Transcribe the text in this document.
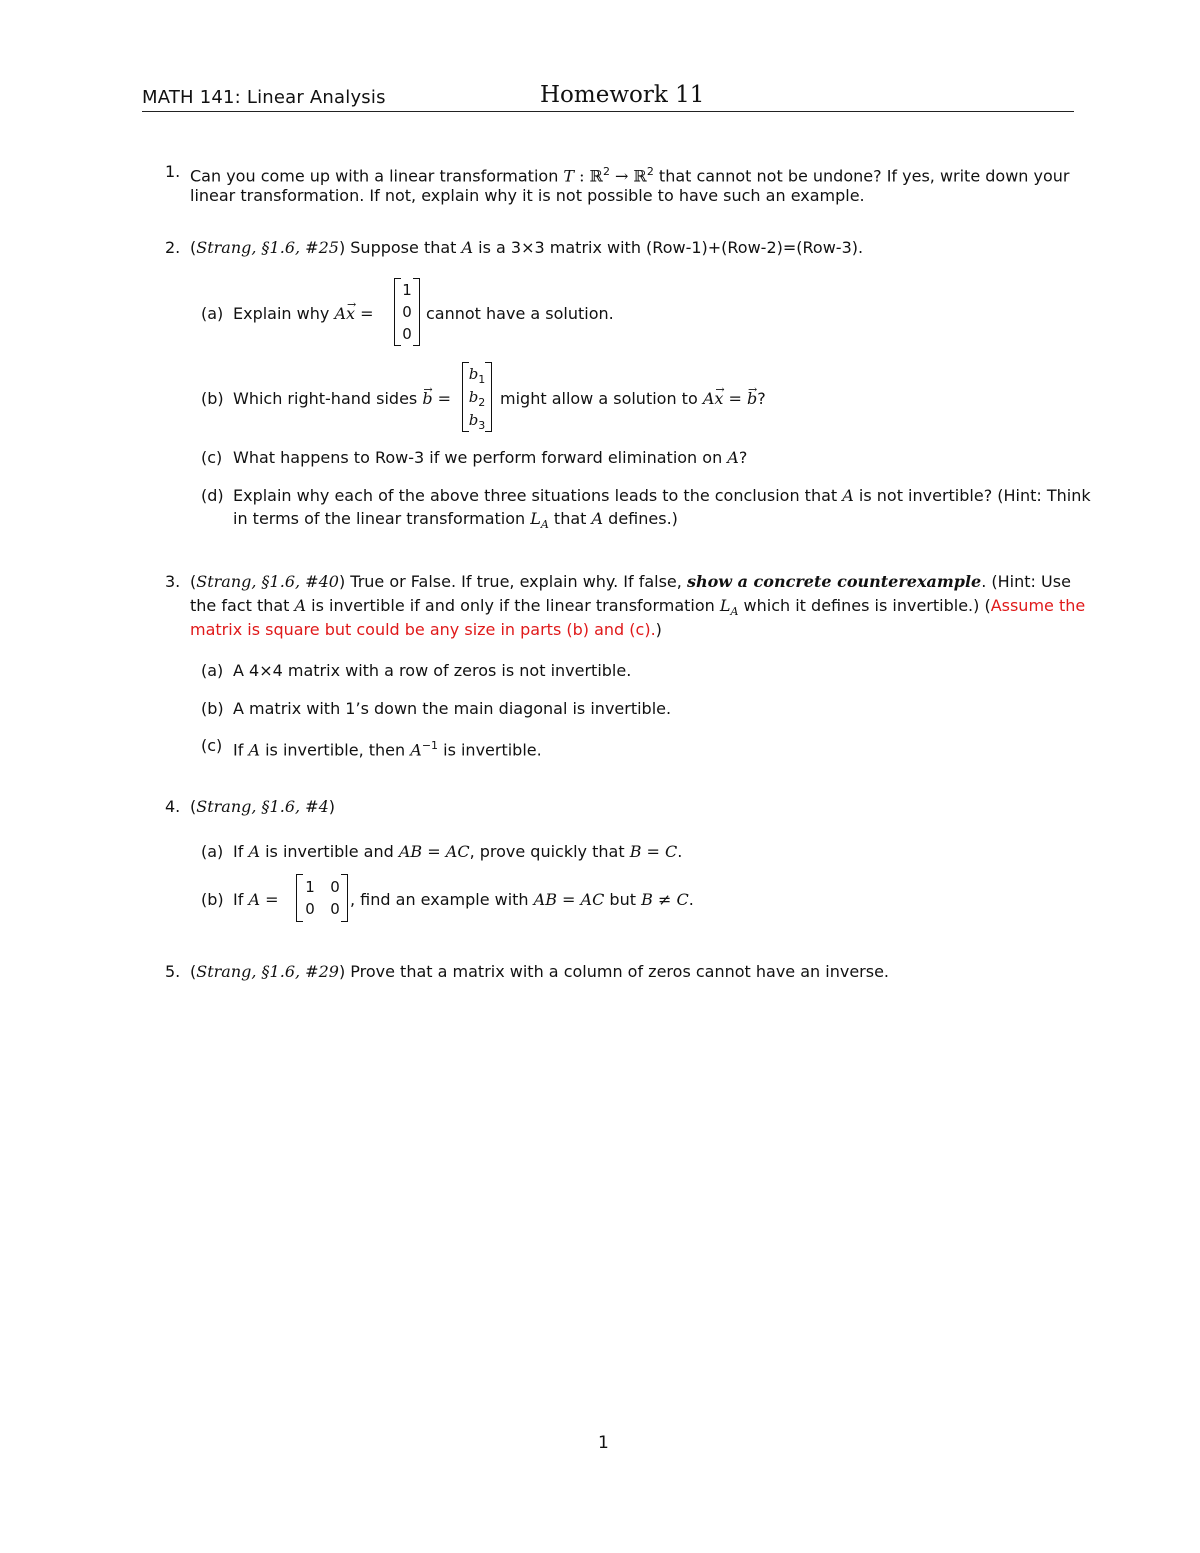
MATH 141: Linear Analysis	Homework 11
1. Can you come up with a linear transformation T : ℝ$^2$ → ℝ$^2$ that cannot not be undone? If yes, write down your
linear transformation. If not, explain why it is not possible to have such an example.
2. (Strang, §1.6, #25) Suppose that A is a 3×3 matrix with (Row-1)+(Row-2)=(Row-3).
(a) Explain why A→ x =
1
0
0
cannot have a solution.
(b) Which right-hand sides → b =
$b_1$
$b_2$
$b_3$
might allow a solution to A→ x = → b?
(c) What happens to Row-3 if we perform forward elimination on A?
(d) Explain why each of the above three situations leads to the conclusion that A is not invertible? (Hint: Think
in terms of the linear transformation $L_A$ that A defines.)
3. (Strang, §1.6, #40) True or False. If true, explain why. If false, show a concrete counterexample. (Hint: Use
the fact that A is invertible if and only if the linear transformation $L_A$ which it defines is invertible.) (Assume the
matrix is square but could be any size in parts (b) and (c).)
(a) A 4×4 matrix with a row of zeros is not invertible.
(b) A matrix with 1’s down the main diagonal is invertible.
(c) If A is invertible, then $A^{-1}$ is invertible.
4. (Strang, §1.6, #4)
(a) If A is invertible and AB = AC, prove quickly that B = C.
(b) If A =
1 0
0 0 , find an example with AB = AC but B ≠ C.
5. (Strang, §1.6, #29) Prove that a matrix with a column of zeros cannot have an inverse.
1
